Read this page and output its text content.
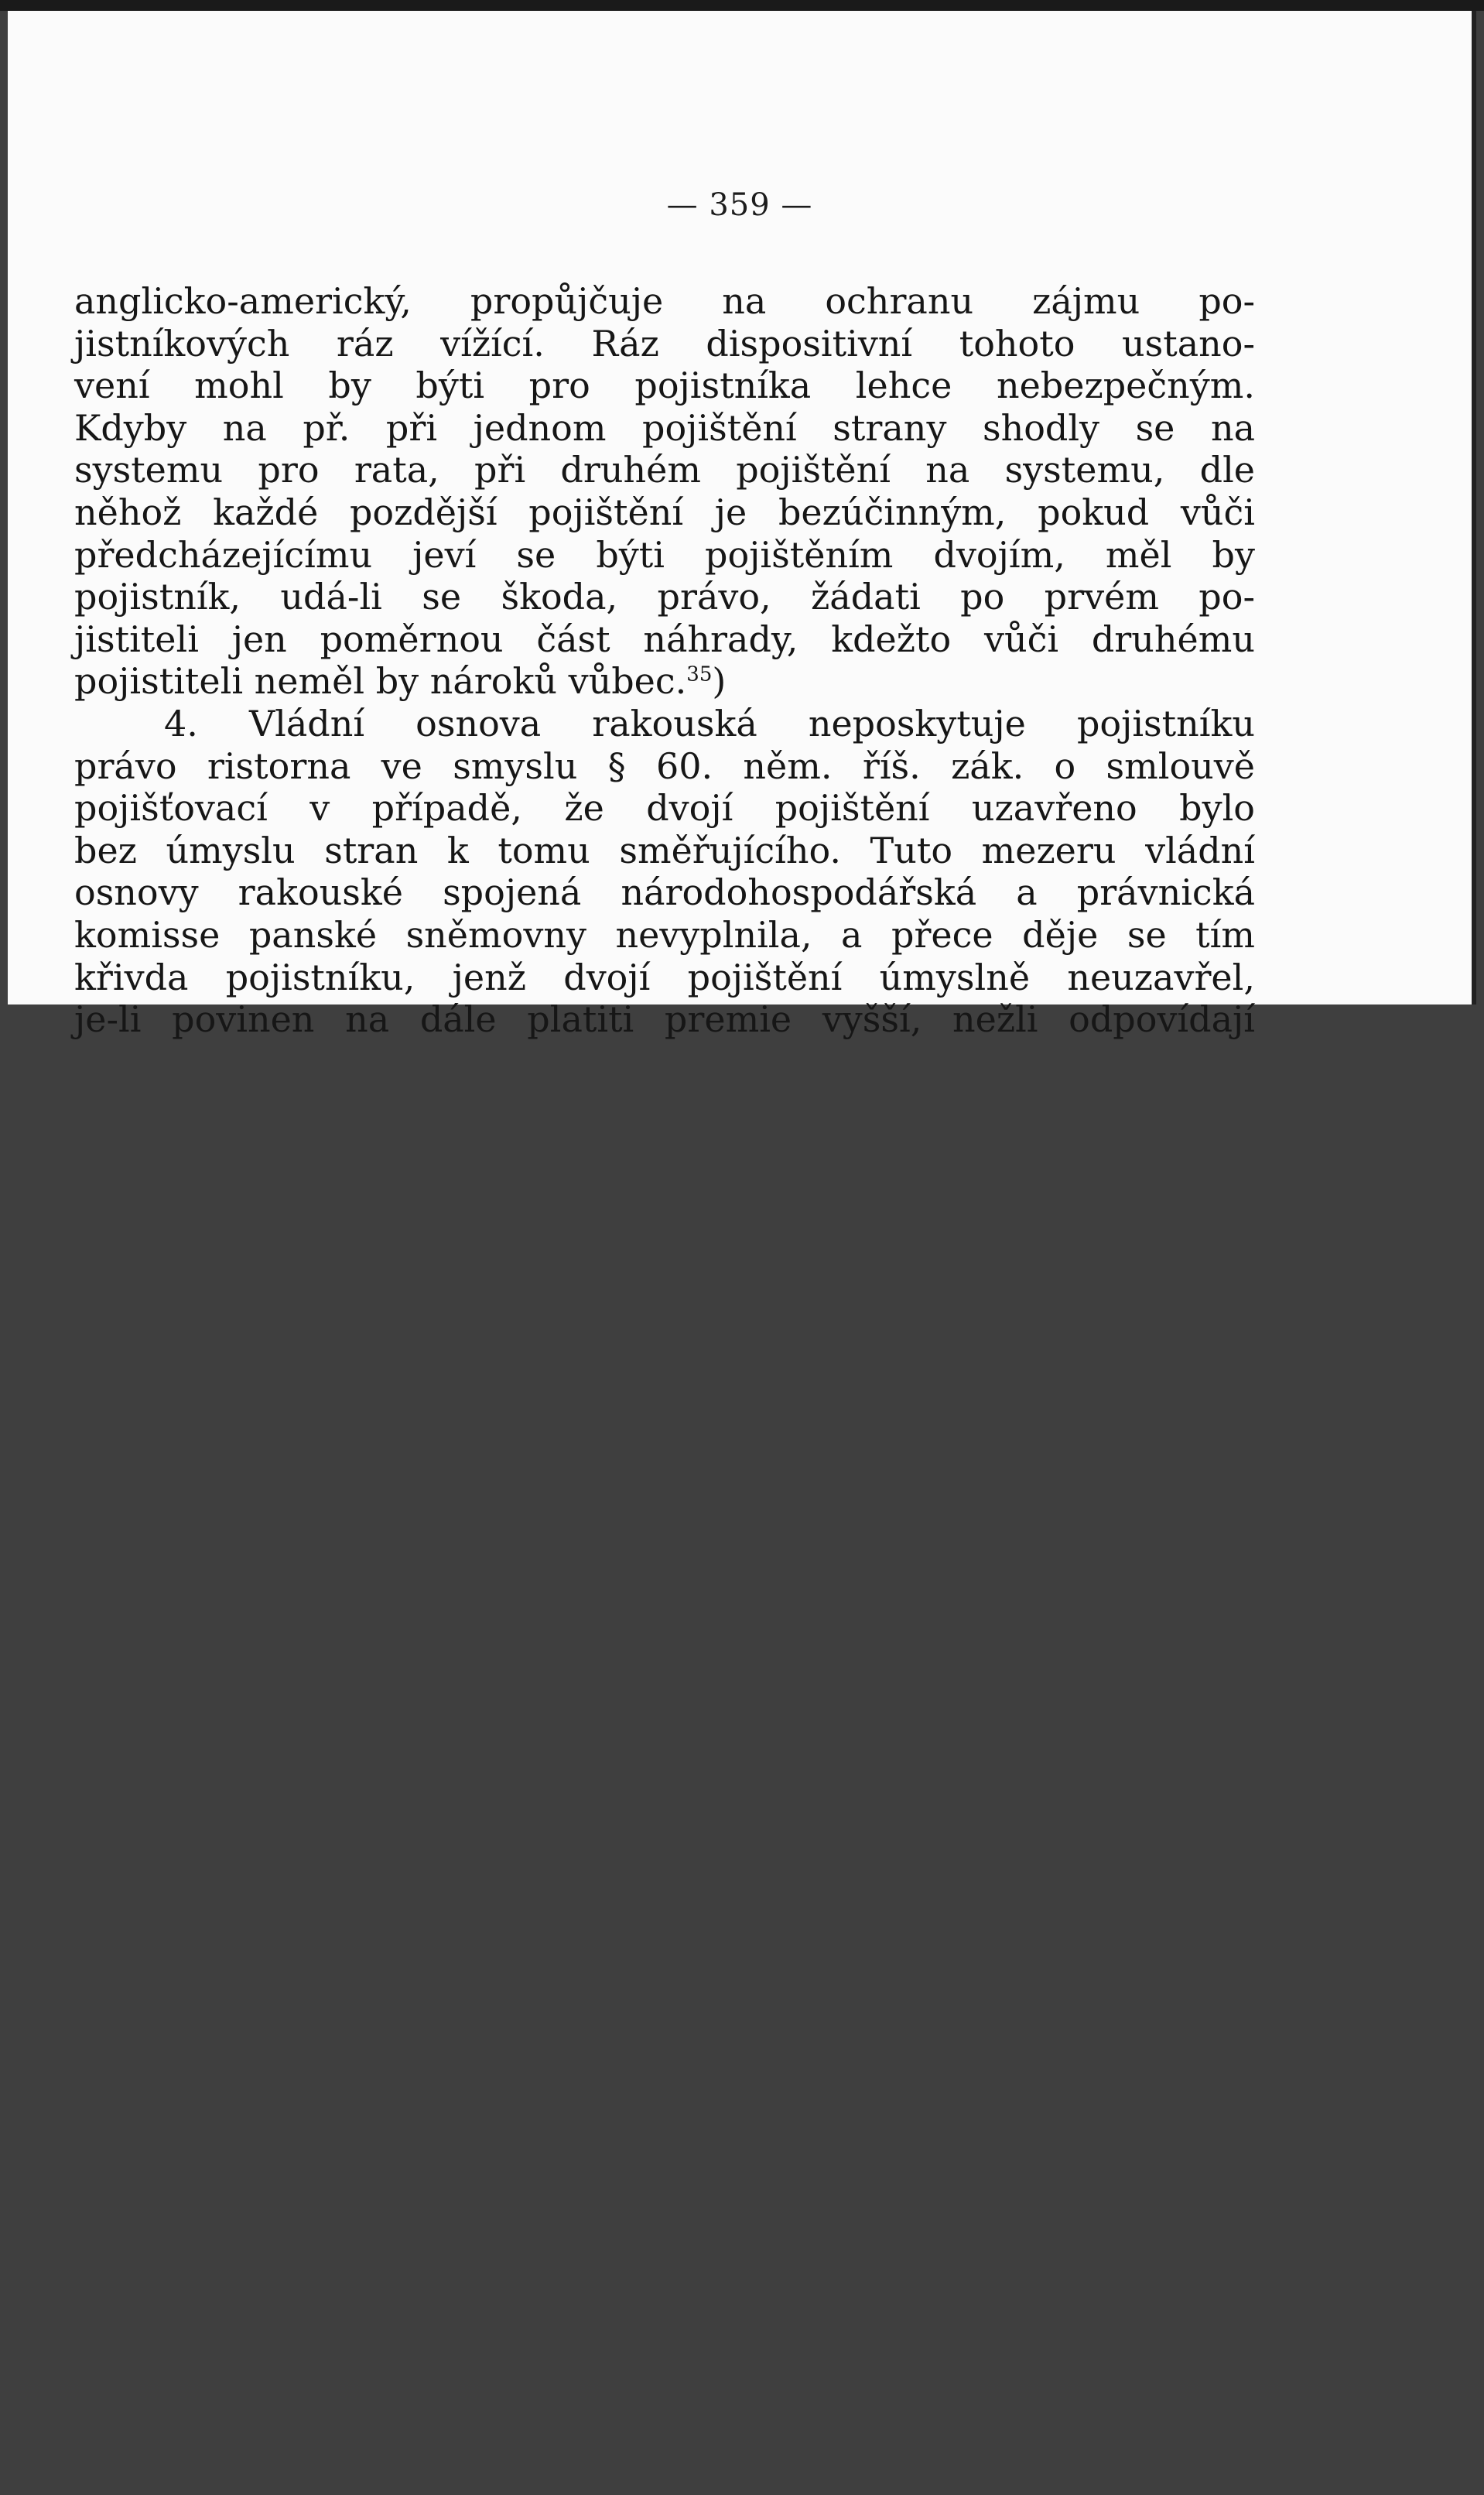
— 359 —
anglicko-americký, propůjčuje na ochranu zájmu po-
jistníkových ráz vížící. Ráz dispositivní tohoto ustano-
vení mohl by býti pro pojistníka lehce nebezpečným.
Kdyby na př. při jednom pojištění strany shodly se na
systemu pro rata, při druhém pojištění na systemu, dle
něhož každé pozdější pojištění je bezúčinným, pokud vůči
předcházejícímu jeví se býti pojištěním dvojím, měl by
pojistník, udá-li se škoda, právo, žádati po prvém po-
jistiteli jen poměrnou část náhrady, kdežto vůči druhému
pojistiteli neměl by nároků vůbec.$^{35}$)
4. Vládní osnova rakouská neposkytuje pojistníku
právo ristorna ve smyslu § 60. něm. říš. zák. o smlouvě
pojišťovací v případě, že dvojí pojištění uzavřeno bylo
bez úmyslu stran k tomu směřujícího. Tuto mezeru vládní
osnovy rakouské spojená národohospodářská a právnická
komisse panské sněmovny nevyplnila, a přece děje se tím
křivda pojistníku, jenž dvojí pojištění úmyslně neuzavřel,
je-li povinen na dále platiti premie vyšší, nežli odpovídají
